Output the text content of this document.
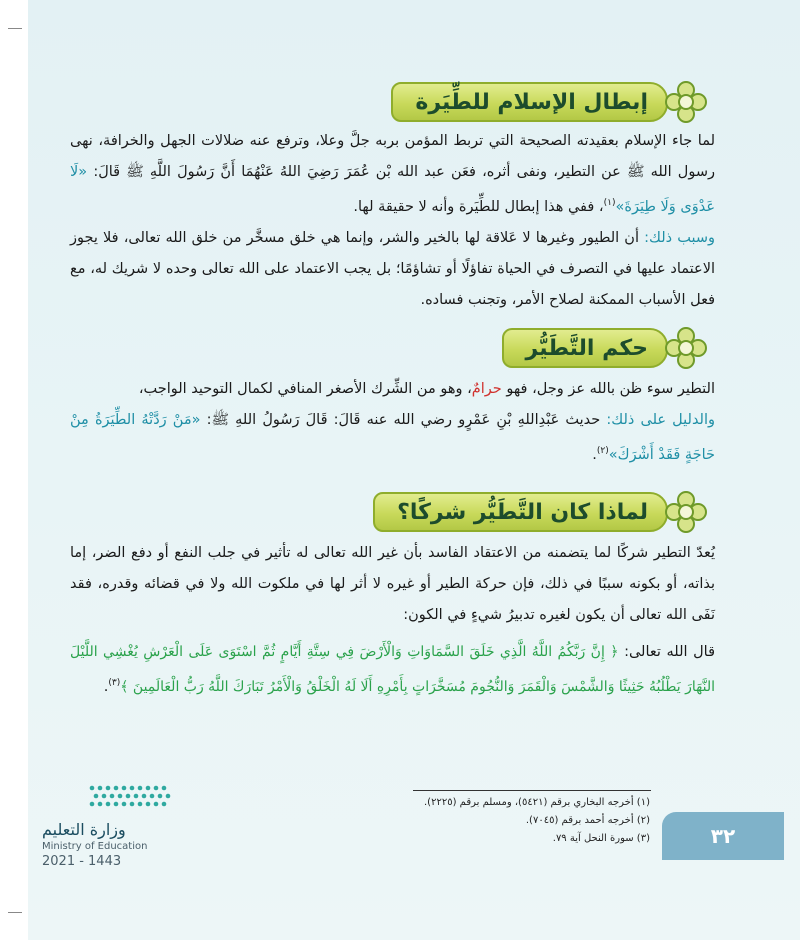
إبطال الإسلام للطِّيَرة

لما جاء الإسلام بعقيدته الصحيحة التي تربط المؤمن بربه جلَّ وعلا، وترفع عنه ضلالات الجهل والخرافة، نهى رسول الله ﷺ عن التطير، ونفى أثره، فعَن عبد الله بْن عُمَرَ رَضِيَ اللهُ عَنْهُمَا أَنَّ رَسُولَ اللَّهِ ﷺ قَالَ: «لَا عَدْوَى وَلَا طِيَرَةَ»$^{(١)}$، ففي هذا إبطال للطِّيَرة وأنه لا حقيقة لها.

وسبب ذلك: أن الطيور وغيرها لا عَلاقة لها بالخير والشر، وإنما هي خلق مسخَّر من خلق الله تعالى، فلا يجوز الاعتماد عليها في التصرف في الحياة تفاؤلًا أو تشاؤمًا؛ بل يجب الاعتماد على الله تعالى وحده لا شريك له، مع فعل الأسباب الممكنة لصلاح الأمر، وتجنب فساده.

حكم التَّطَيُّر

التطير سوء ظن بالله عز وجل، فهو حرامٌ، وهو من الشِّرك الأصغر المنافي لكمال التوحيد الواجب،

والدليل على ذلك: حديث عَبْدِاللهِ بْنِ عَمْرٍو رضي الله عنه قَالَ: قَالَ رَسُولُ اللهِ ﷺ: «مَنْ رَدَّتْهُ الطِّيَرَةُ مِنْ حَاجَةٍ فَقَدْ أَشْرَكَ»$^{(٢)}$.

لماذا كان التَّطَيُّر شركًا؟

يُعدّ التطير شركًا لما يتضمنه من الاعتقاد الفاسد بأن غير الله تعالى له تأثير في جلب النفع أو دفع الضر، إما بذاته، أو بكونه سببًا في ذلك، فإن حركة الطير أو غيره لا أثر لها في ملكوت الله ولا في قضائه وقدره، فقد نَفَى الله تعالى أن يكون لغيره تدبيرُ شيءٍ في الكون:

قال الله تعالى: ﴿ إِنَّ رَبَّكُمُ اللَّهُ الَّذِي خَلَقَ السَّمَاوَاتِ وَالْأَرْضَ فِي سِتَّةِ أَيَّامٍ ثُمَّ اسْتَوَى عَلَى الْعَرْشِ يُغْشِي اللَّيْلَ النَّهَارَ يَطْلُبُهُ حَثِيثًا وَالشَّمْسَ وَالْقَمَرَ وَالنُّجُومَ مُسَخَّرَاتٍ بِأَمْرِهِ أَلَا لَهُ الْخَلْقُ وَالْأَمْرُ تَبَارَكَ اللَّهُ رَبُّ الْعَالَمِينَ ﴾$^{(٣)}$.

(١) أخرجه البخاري برقم (٥٤٢١)، ومسلم برقم (٢٢٢٥).
(٢) أخرجه أحمد برقم (٧٠٤٥).
(٣) سورة النحل آية ٧٩.	٣٢
وزارة التعليم
Ministry of Education
2021 - 1443
